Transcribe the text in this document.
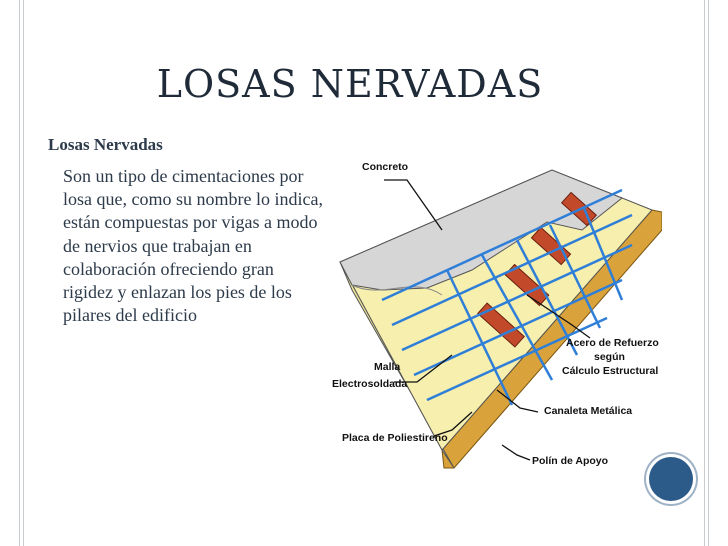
LOSAS NERVADAS
Losas Nervadas
Son un tipo de cimentaciones por losa que, como su nombre lo indica, están compuestas por vigas a modo de nervios que trabajan en colaboración ofreciendo gran rigidez y enlazan los pies de los pilares del edificio
Concreto
Acero de Refuerzo
según
Cálculo Estructural
Malla
Electrosoldada
Canaleta Metálica
Placa de Poliestireno
Polín de Apoyo
